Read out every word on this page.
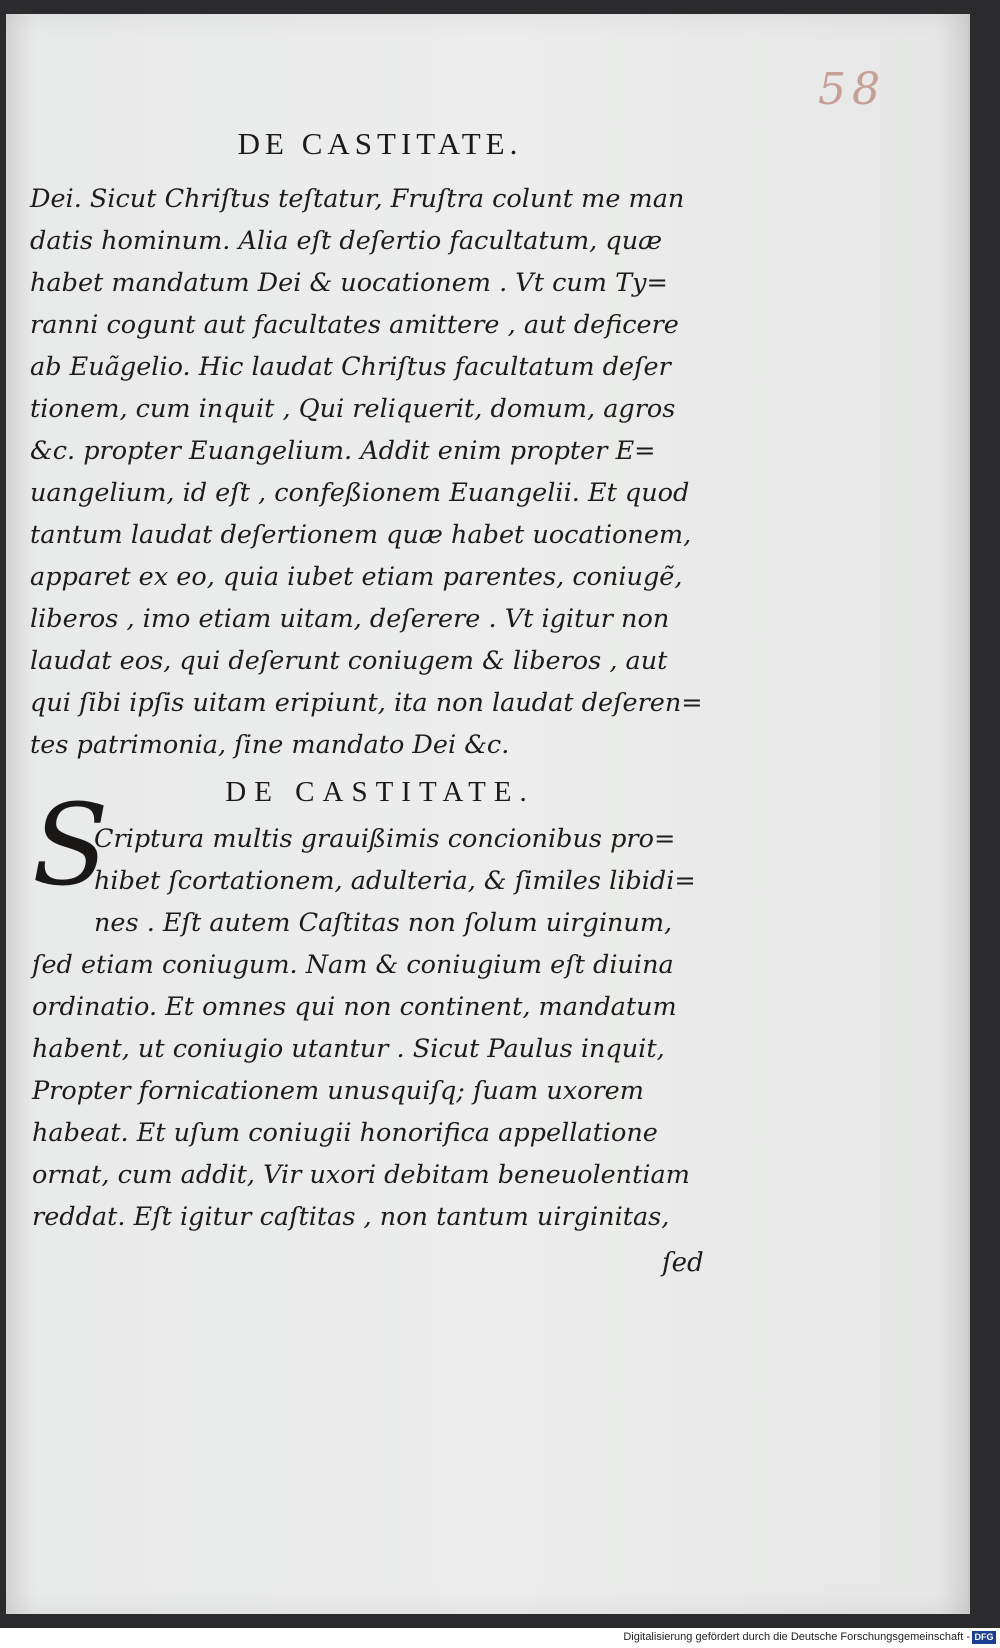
58
DE CASTITATE.
Dei. Sicut Chriſtus teſtatur, Fruſtra colunt me man
datis hominum. Alia eſt deſertio facultatum, quæ
habet mandatum Dei & uocationem . Vt cum Ty=
ranni cogunt aut facultates amittere , aut deficere
ab Euãgelio. Hic laudat Chriſtus facultatum deſer
tionem, cum inquit , Qui reliquerit, domum, agros
&c. propter Euangelium. Addit enim propter E=
uangelium, id eſt , confeßionem Euangelii. Et quod
tantum laudat deſertionem quæ habet uocationem,
apparet ex eo, quia iubet etiam parentes, coniugẽ,
liberos , imo etiam uitam, deſerere . Vt igitur non
laudat eos, qui deſerunt coniugem & liberos , aut
qui ſibi ipſis uitam eripiunt, ita non laudat deſeren=
tes patrimonia, ſine mandato Dei &c.
DE CASTITATE.
S
Criptura multis grauißimis concionibus pro=
hibet ſcortationem, adulteria, & ſimiles libidi=
nes . Eſt autem Caſtitas non ſolum uirginum,
ſed etiam coniugum. Nam & coniugium eſt diuina
ordinatio. Et omnes qui non continent, mandatum
habent, ut coniugio utantur . Sicut Paulus inquit,
Propter fornicationem unusquiſq; ſuam uxorem
habeat. Et uſum coniugii honorifica appellatione
ornat, cum addit, Vir uxori debitam beneuolentiam
reddat. Eſt igitur caſtitas , non tantum uirginitas,
ſed
Digitalisierung gefördert durch die Deutsche Forschungsgemeinschaft - DFG
